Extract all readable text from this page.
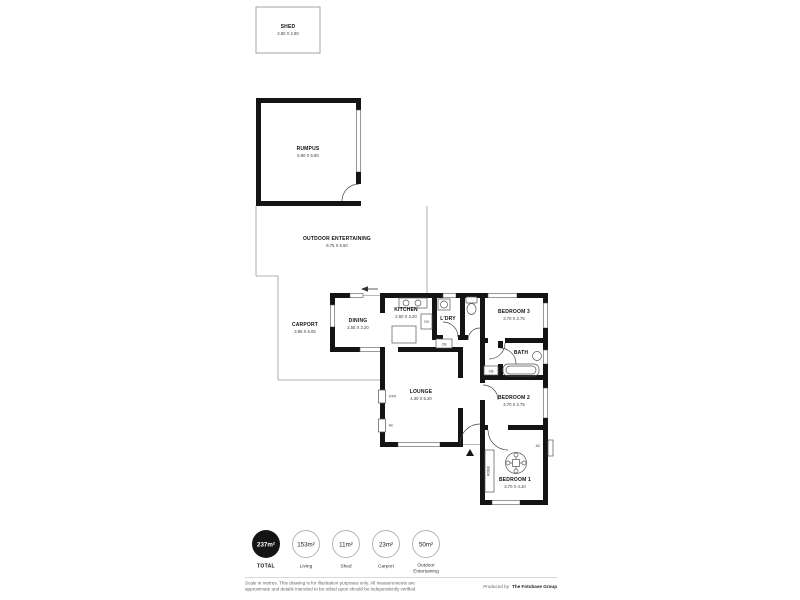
SHED
3.80 X 2.80
RUMPUS
5.90 X 5.90
OUTDOOR ENTERTAINING
9.75 X 6.50
CARPORT
3.85 X 6.05
OV
CB
CB
HTR
AC
ROBE
AC
DINING
2.55 X 3.20
KITCHEN
2.60 X 3.20	L'DRY
BEDROOM 3
3.70 X 2.75
BATH
BEDROOM 2
3.70 X 2.75
LOUNGE
4.30 X 5.20
BEDROOM 1
3.70 X 4.10
237m²
TOTAL
153m²
Living
11m²
Shed
23m²
Carport
50m²
Outdoor
Entertaining
Scale in metres. This drawing is for illustration purposes only. All measurements are
approximate and details intended to be relied upon should be independently verified.	Produced by The Fotobase Group
